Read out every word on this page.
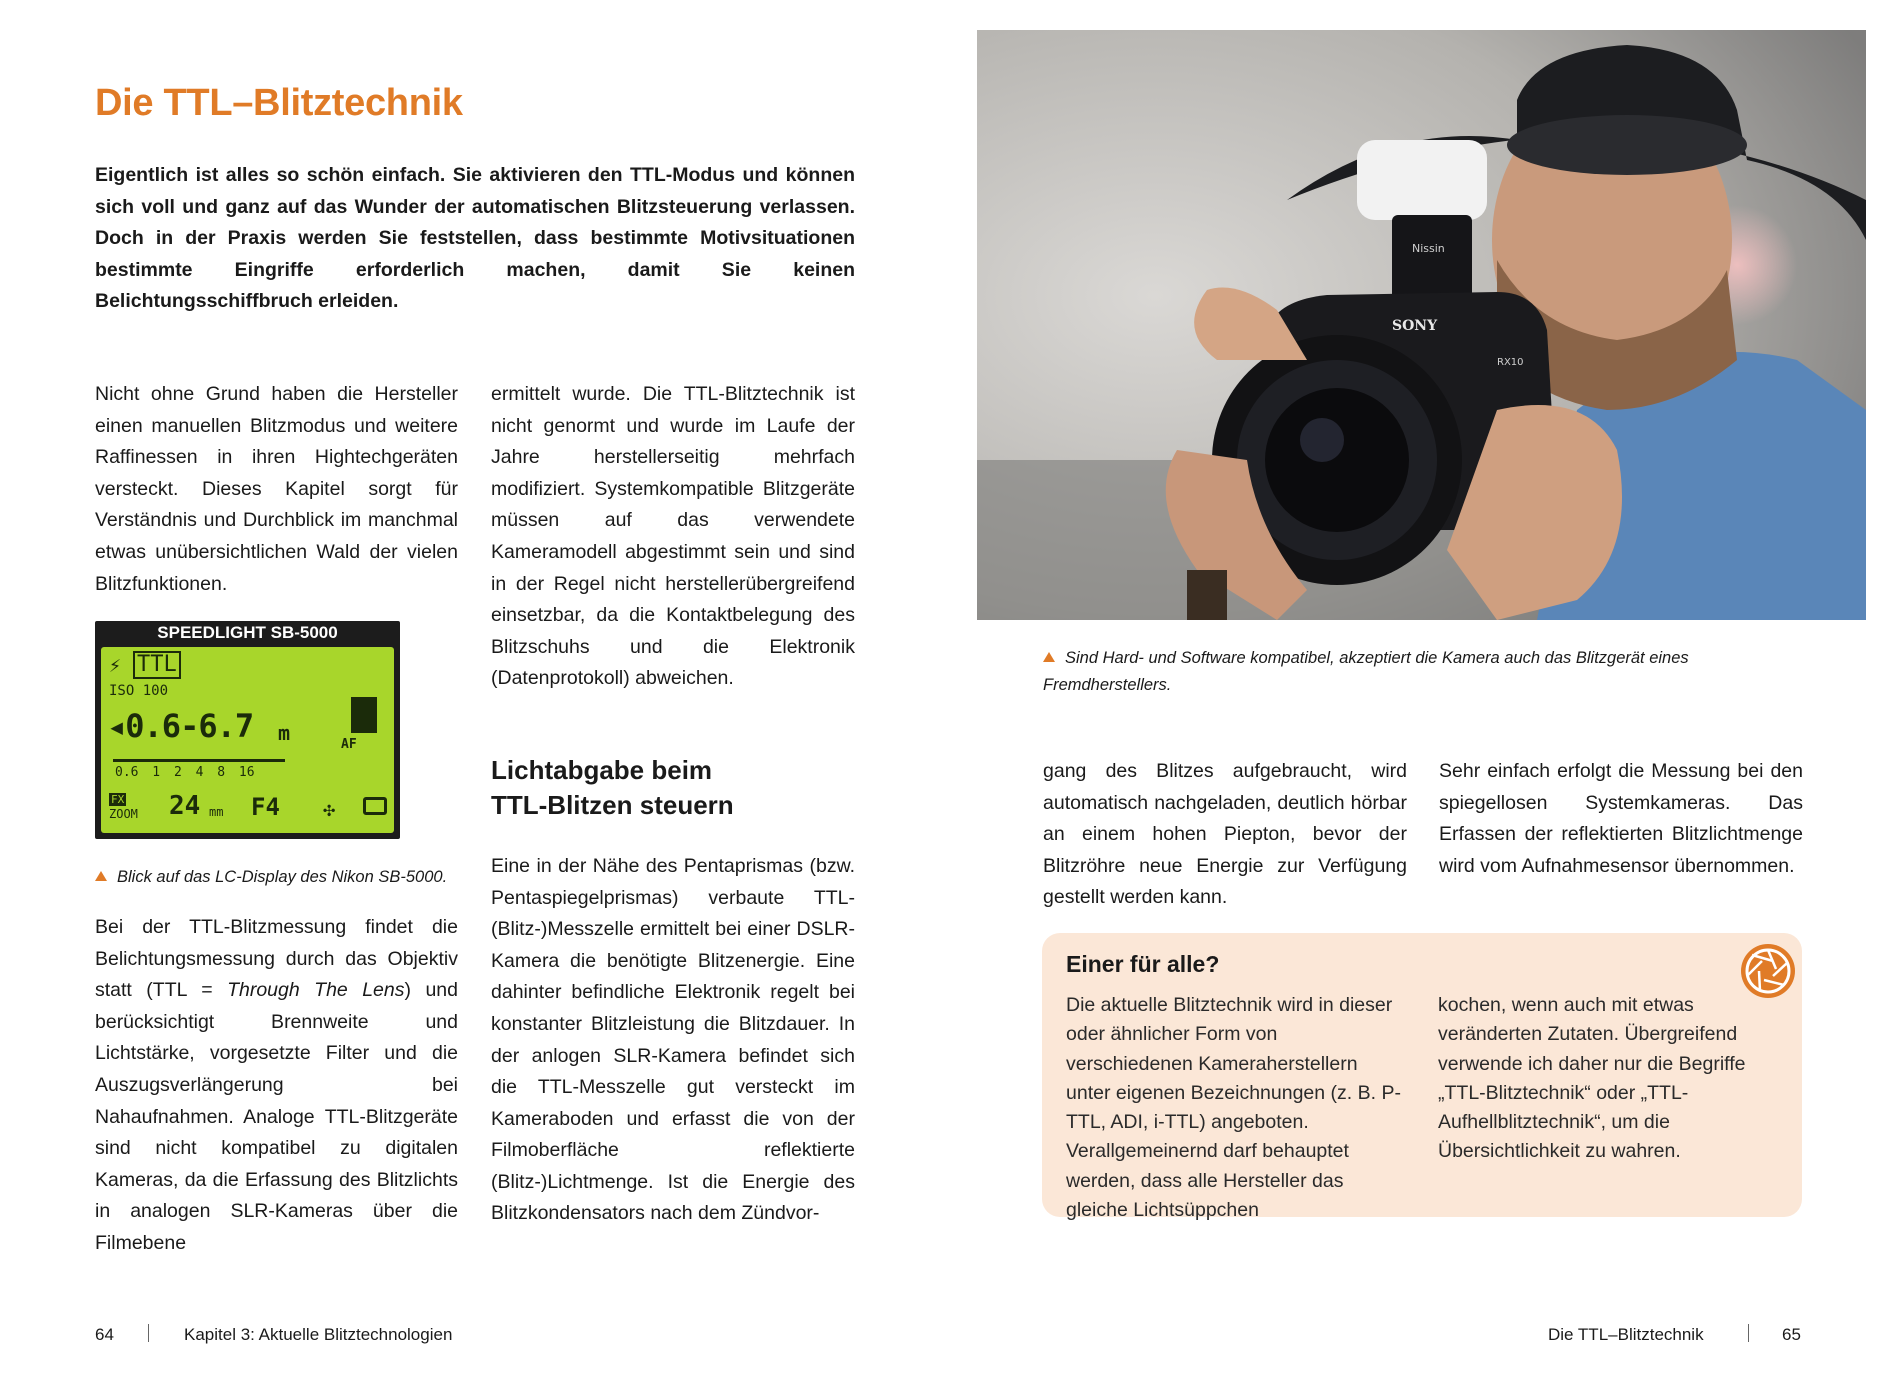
Die TTL–Blitztechnik

Eigentlich ist alles so schön einfach. Sie aktivieren den TTL-Modus und können sich voll und ganz auf das Wunder der automatischen Blitzsteuerung verlassen. Doch in der Praxis werden Sie feststellen, dass bestimmte Motivsituationen bestimmte Eingriffe erforderlich machen, damit Sie keinen Belichtungsschiffbruch erleiden.

Nicht ohne Grund haben die Hersteller einen manuellen Blitzmodus und weitere Raffinessen in ihren Hightechgeräten versteckt. Dieses Kapitel sorgt für Verständnis und Durchblick im manchmal etwas unübersichtlichen Wald der vielen Blitzfunktionen.

SPEEDLIGHT SB-5000
⚡ TTL
ISO 100
◂0.6-6.7 m
0.6 1 2 4 8 16
FX
ZOOM 24 mm F4
AF
✣
Blick auf das LC-Display des Nikon SB-5000.

Bei der TTL-Blitzmessung findet die Belichtungsmessung durch das Objektiv statt (TTL = Through The Lens) und berücksichtigt Brennweite und Lichtstärke, vorgesetzte Filter und die Auszugsverlängerung bei Nahaufnahmen. Analoge TTL-Blitzgeräte sind nicht kompatibel zu digitalen Kameras, da die Erfassung des Blitzlichts in analogen SLR-Kameras über die Filmebene

ermittelt wurde. Die TTL-Blitztechnik ist nicht genormt und wurde im Laufe der Jahre herstellerseitig mehrfach modifiziert. Systemkompatible Blitzgeräte müssen auf das verwendete Kameramodell abgestimmt sein und sind in der Regel nicht herstellerübergreifend einsetzbar, da die Kontaktbelegung des Blitzschuhs und die Elektronik (Datenprotokoll) abweichen.

Lichtabgabe beim TTL-Blitzen steuern

Eine in der Nähe des Pentaprismas (bzw. Pentaspiegelprismas) verbaute TTL-(Blitz-)Messzelle ermittelt bei einer DSLR-Kamera die benötigte Blitzenergie. Eine dahinter befindliche Elektronik regelt bei konstanter Blitzleistung die Blitzdauer. In der anlogen SLR-Kamera befindet sich die TTL-Messzelle gut versteckt im Kameraboden und erfasst die von der Filmoberfläche reflektierte (Blitz-)Lichtmenge. Ist die Energie des Blitzkondensators nach dem Zündvor-

Nissin
SONY
RX10
Sind Hard- und Software kompatibel, akzeptiert die Kamera auch das Blitzgerät eines Fremdherstellers.

gang des Blitzes aufgebraucht, wird automatisch nachgeladen, deutlich hörbar an einem hohen Piepton, bevor der Blitzröhre neue Energie zur Verfügung gestellt werden kann.

Sehr einfach erfolgt die Messung bei den spiegellosen Systemkameras. Das Erfassen der reflektierten Blitzlichtmenge wird vom Aufnahmesensor übernommen.

Einer für alle?
Die aktuelle Blitztechnik wird in dieser oder ähnlicher Form von verschiedenen Kameraherstellern unter eigenen Bezeichnungen (z. B. P-TTL, ADI, i-TTL) angeboten. Verallgemeinernd darf behauptet werden, dass alle Hersteller das gleiche Lichtsüppchen
kochen, wenn auch mit etwas veränderten Zutaten. Übergreifend verwende ich daher nur die Begriffe „TTL-Blitztechnik“ oder „TTL-Aufhellblitztechnik“, um die Übersichtlichkeit zu wahren.
64	Kapitel 3: Aktuelle Blitztechnologien	Die TTL–Blitztechnik	65
